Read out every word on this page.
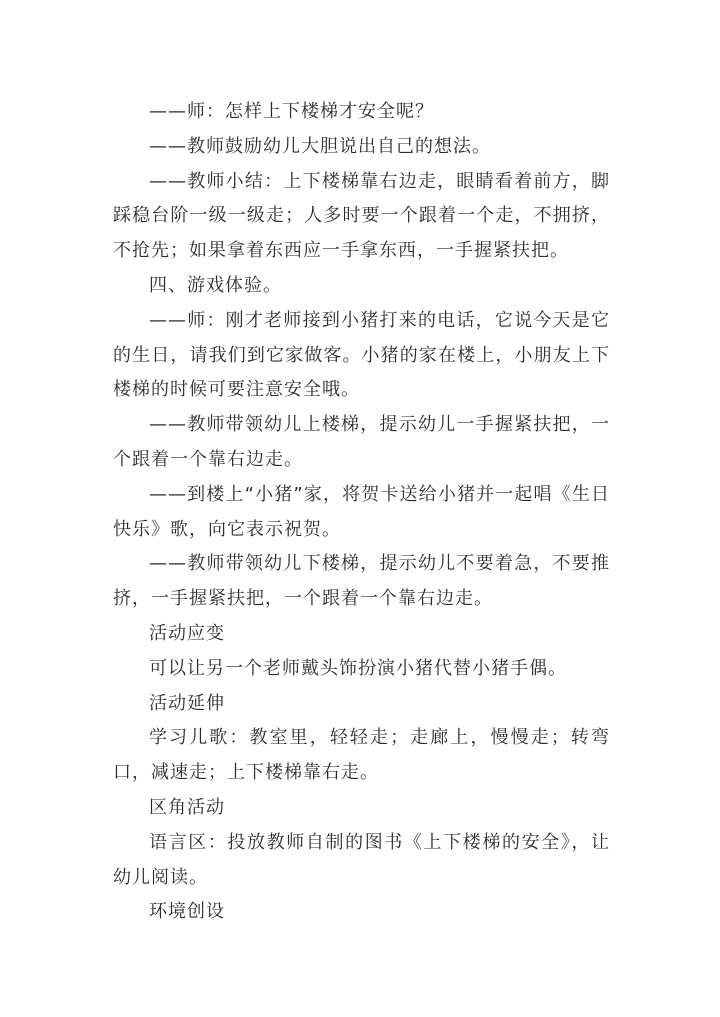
——师：怎样上下楼梯才安全呢？

——教师鼓励幼儿大胆说出自己的想法。

——教师小结：上下楼梯靠右边走，眼睛看着前方，脚踩稳台阶一级一级走；人多时要一个跟着一个走，不拥挤，不抢先；如果拿着东西应一手拿东西，一手握紧扶把。

四、游戏体验。

——师：刚才老师接到小猪打来的电话，它说今天是它的生日，请我们到它家做客。小猪的家在楼上，小朋友上下楼梯的时候可要注意安全哦。

——教师带领幼儿上楼梯，提示幼儿一手握紧扶把，一个跟着一个靠右边走。

——到楼上“小猪”家，将贺卡送给小猪并一起唱《生日快乐》歌，向它表示祝贺。

——教师带领幼儿下楼梯，提示幼儿不要着急，不要推挤，一手握紧扶把，一个跟着一个靠右边走。

活动应变

可以让另一个老师戴头饰扮演小猪代替小猪手偶。

活动延伸

学习儿歌：教室里，轻轻走；走廊上，慢慢走；转弯口，减速走；上下楼梯靠右走。

区角活动

语言区：投放教师自制的图书《上下楼梯的安全》，让幼儿阅读。

环境创设
